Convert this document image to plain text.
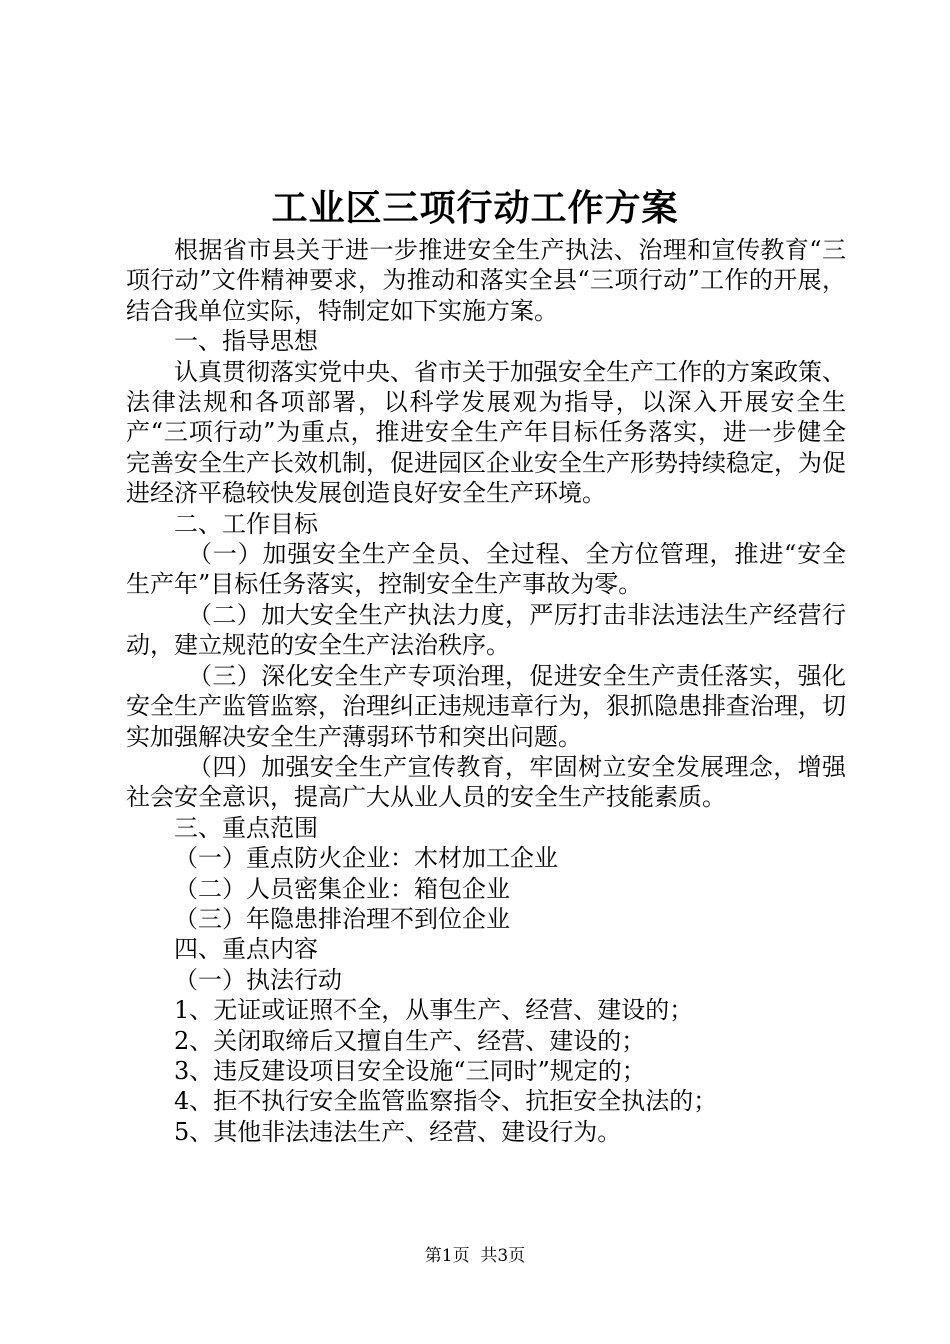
工业区三项行动工作方案

根据省市县关于进一步推进安全生产执法、治理和宣传教育“三项行动”文件精神要求，为推动和落实全县“三项行动”工作的开展，结合我单位实际，特制定如下实施方案。

一、指导思想

认真贯彻落实党中央、省市关于加强安全生产工作的方案政策、法律法规和各项部署，以科学发展观为指导，以深入开展安全生产“三项行动”为重点，推进安全生产年目标任务落实，进一步健全完善安全生产长效机制，促进园区企业安全生产形势持续稳定，为促进经济平稳较快发展创造良好安全生产环境。

二、工作目标

（一）加强安全生产全员、全过程、全方位管理，推进“安全生产年”目标任务落实，控制安全生产事故为零。

（二）加大安全生产执法力度，严厉打击非法违法生产经营行动，建立规范的安全生产法治秩序。

（三）深化安全生产专项治理，促进安全生产责任落实，强化安全生产监管监察，治理纠正违规违章行为，狠抓隐患排查治理，切实加强解决安全生产薄弱环节和突出问题。

（四）加强安全生产宣传教育，牢固树立安全发展理念，增强社会安全意识，提高广大从业人员的安全生产技能素质。

三、重点范围

（一）重点防火企业：木材加工企业

（二）人员密集企业：箱包企业

（三）年隐患排治理不到位企业

四、重点内容

（一）执法行动

1、无证或证照不全，从事生产、经营、建设的；

2、关闭取缔后又擅自生产、经营、建设的；

3、违反建设项目安全设施“三同时”规定的；

4、拒不执行安全监管监察指令、抗拒安全执法的；

5、其他非法违法生产、经营、建设行为。

第1页  共3页
